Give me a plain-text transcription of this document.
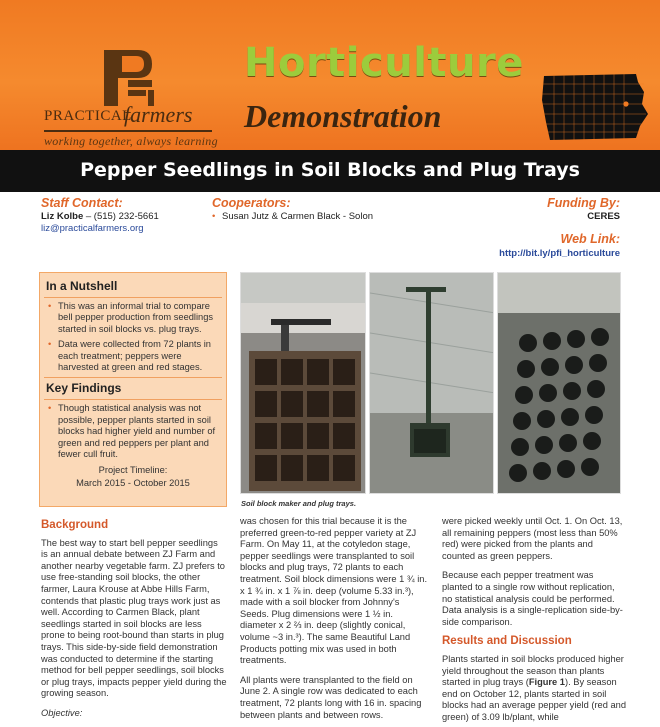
PRACTICAL
farmers
working together, always learning
Horticulture
Demonstration
Pepper Seedlings in Soil Blocks and Plug Trays
Staff Contact:
Liz Kolbe – (515) 232-5661
liz@practicalfarmers.org
Cooperators:
• Susan Jutz & Carmen Black - Solon
Funding By:
CERES
Web Link:
http://bit.ly/pfi_horticulture
In a Nutshell
• This was an informal trial to compare bell pepper production from seedlings started in soil blocks vs. plug trays.
• Data were collected from 72 plants in each treatment; peppers were harvested at green and red stages.
Key Findings
• Though statistical analysis was not possible, pepper plants started in soil blocks had higher yield and number of green and red peppers per plant and fewer cull fruit.
Project Timeline:
March 2015 - October 2015
Soil block maker and plug trays.
Background

The best way to start bell pepper seedlings is an annual debate between ZJ Farm and another nearby vegetable farm. ZJ prefers to use free-standing soil blocks, the other farmer, Laura Krouse at Abbe Hills Farm, contends that plastic plug trays work just as well. According to Carmen Black, plant seedlings started in soil blocks are less prone to being root-bound than starts in plug trays. This side-by-side field demonstration was conducted to determine if the starting method for bell pepper seedlings, soil blocks or plug trays, impacts pepper yield during the growing season.

Objective:

was chosen for this trial because it is the preferred green-to-red pepper variety at ZJ Farm. On May 11, at the cotyledon stage, pepper seedlings were transplanted to soil blocks and plug trays, 72 plants to each treatment. Soil block dimensions were 1 ¾ in. x 1 ¾ in. x 1 ⅞ in. deep (volume 5.33 in.³), made with a soil blocker from Johnny's Seeds. Plug dimensions were 1 ½ in. diameter x 2 ⅔ in. deep (slightly conical, volume ~3 in.³). The same Beautiful Land Products potting mix was used in both treatments.

All plants were transplanted to the field on June 2. A single row was dedicated to each treatment, 72 plants long with 16 in. spacing between plants and between rows.

were picked weekly until Oct. 1. On Oct. 13, all remaining peppers (most less than 50% red) were picked from the plants and counted as green peppers.

Because each pepper treatment was planted to a single row without replication, no statistical analysis could be performed. Data analysis is a single-replication side-by-side comparison.

Results and Discussion

Plants started in soil blocks produced higher yield throughout the season than plants started in plug trays (Figure 1). By season end on October 12, plants started in soil blocks had an average pepper yield (red and green) of 3.09 lb/plant, while
